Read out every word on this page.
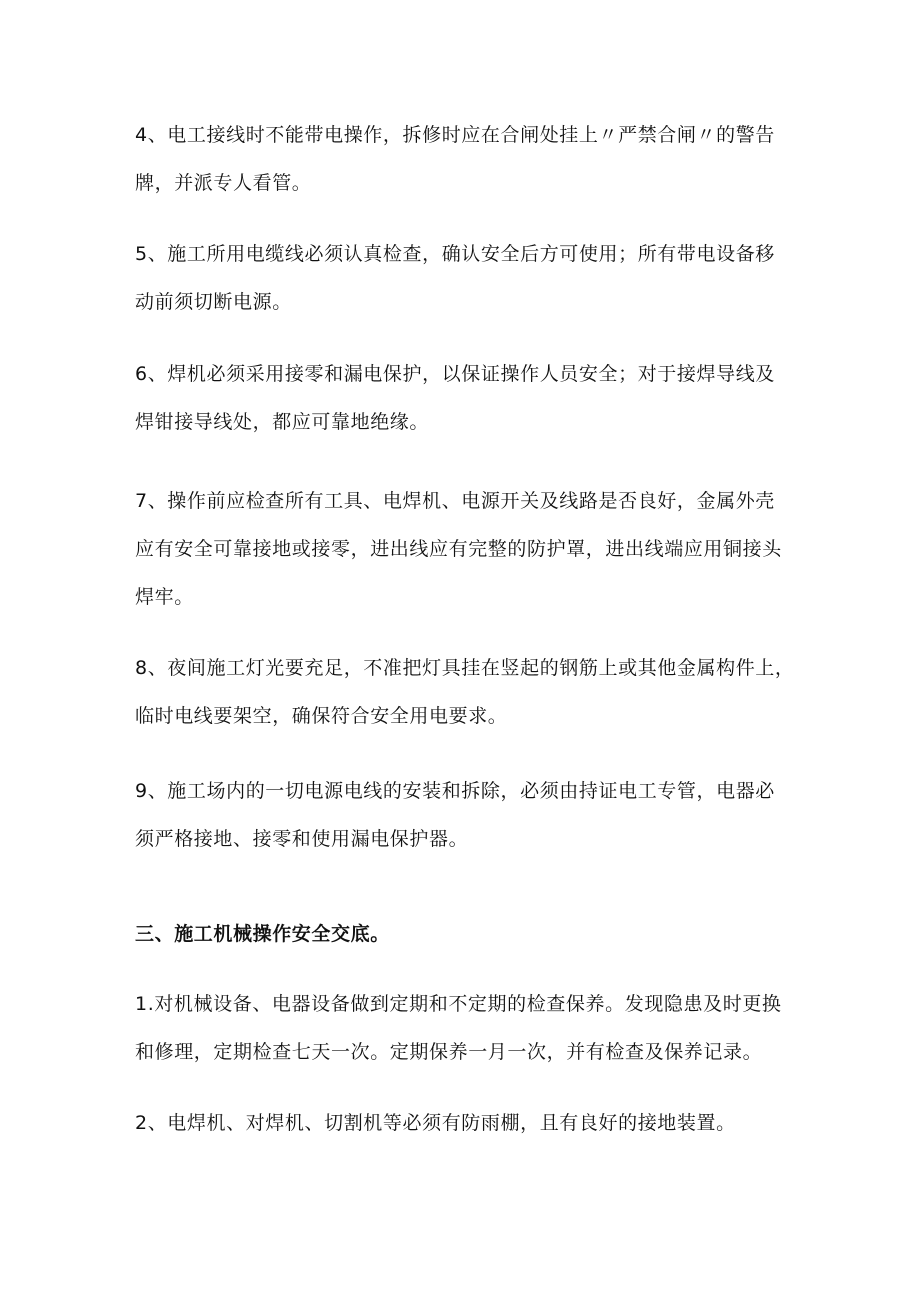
4、电工接线时不能带电操作，拆修时应在合闸处挂上〃严禁合闸〃的警告
牌，并派专人看管。
5、施工所用电缆线必须认真检查，确认安全后方可使用；所有带电设备移
动前须切断电源。
6、焊机必须采用接零和漏电保护，以保证操作人员安全；对于接焊导线及
焊钳接导线处，都应可靠地绝缘。
7、操作前应检查所有工具、电焊机、电源开关及线路是否良好，金属外壳
应有安全可靠接地或接零，进出线应有完整的防护罩，进出线端应用铜接头
焊牢。
8、夜间施工灯光要充足，不准把灯具挂在竖起的钢筋上或其他金属构件上，
临时电线要架空，确保符合安全用电要求。
9、施工场内的一切电源电线的安装和拆除，必须由持证电工专管，电器必
须严格接地、接零和使用漏电保护器。
三、施工机械操作安全交底。
1.对机械设备、电器设备做到定期和不定期的检查保养。发现隐患及时更换
和修理，定期检查七天一次。定期保养一月一次，并有检查及保养记录。
2、电焊机、对焊机、切割机等必须有防雨棚，且有良好的接地装置。
